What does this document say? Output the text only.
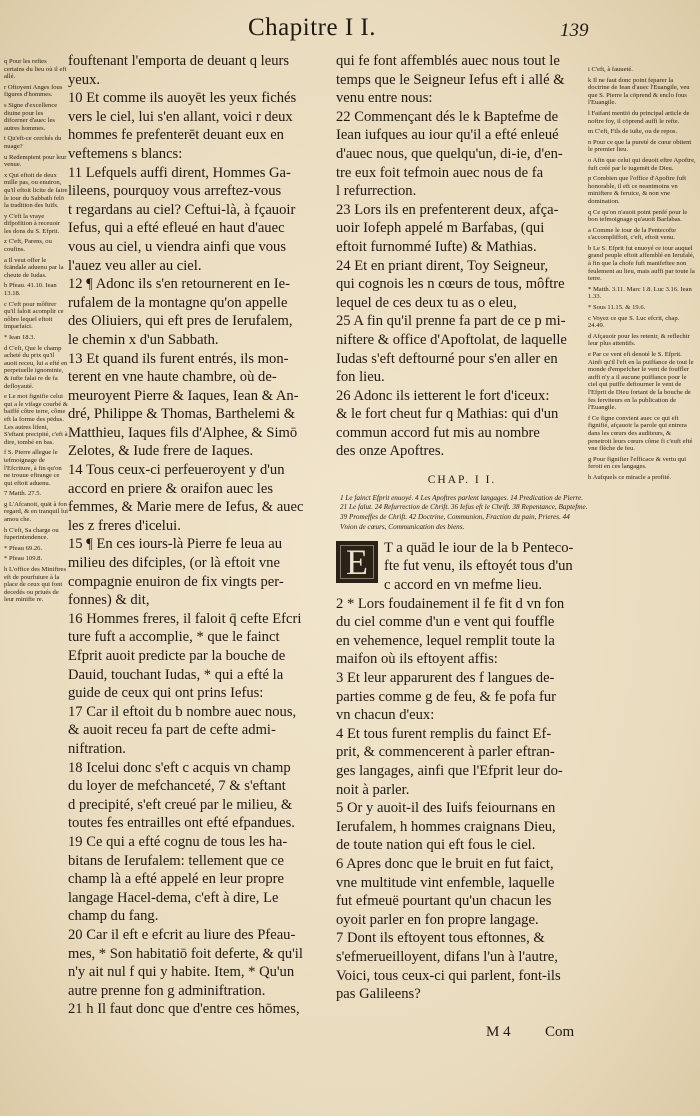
Chapitre I I.	139
q Pour les reftes certains du lieu où il eft allé.
r Oftoyent Anges fous figures d'hommes.
s Signe d'excellence diuine pour les difcerner d'auec les autres hommes.
t Qu'eft-ce cerchés du nuage?
u Redemptent pour leur venue.
x Qui eftoit de deux mille pas, ou enuiron, qu'il eftoit licite de faire le iour du Sabbath felō la tradition des Iuifs.
y C'eft la vraye difpofition à receuoir les dons du S. Efprit.
z C'eft, Parens, ou coufins.
a Il veut offer le fcāndale aduenu par la cheute de Iudas.
b Pfeau. 41.10. Iean 13.18.
c C'eft pour môftrer qu'il faloit acomplir ce nôbre lequel eftoit imparfaict.
* Iean 18.3.
d C'eft, Que le champ acheté du prix qu'il auoit receu, lui a efté en perpetuelle ignominie, & iufte falai re de fa defloyauté.
e Le mot fignifie celui qui a le vifage courbé & baiffé côtre terre, côme eft la forme des pēdus. Les autres lifent, S'eftant precipité, c'eft à dire, tombé en bas.
f S. Pierre allegue le tefmoignage de l'Efcriture, à fin qu'on ne trouue eftrange ce qui eftoit aduenu.
7 Matth. 27.5.
g L'Afcanoit, quāt à fon regard, & en tranquil lui amou che.
h C'eft, Sa charge ou fuperintendence.
* Pfeau 69.26.
* Pfeau 109.8.
h L'office des Miniftres eft de pourfuiure à la place de ceux qui font decedés ou priués de leur minifte re.
i C'eft, à fauueté.
k Il ne faut donc point feparer la doctrine de Iean d'auec l'Euangile, veu que S. Pierre la cōprend & enclo fous l'Euangile.
l Faifant mentiō du principal article de noftre foy, il cōprend auffi le refte.
m C'eft, Fils de iuſte, ou de repos.
n Pour ce que la pureté de cœur obtient le premier lieu.
o Afin que celui qui deuoit eftre Apoftre, fuft créé par le iugemēt de Dieu.
p Combien que l'office d'Apoftre fuft honorable, il eft ce neantmoins vn miniftere & feruice, & non vne domination.
q Ce qu'on n'auoit point penfé pour le bon tefmoignage qu'auoit Barfabas.
a Comme le iour de la Pentecofte s'accompliffoit, c'eft, eftoit venu.
b Le S. Efprit fut enuoyé ce iour auquel grand peuple eftoit affemblé en Ierufalé, à fin que la chofe fuft manifeftee non feulement au lieu, mais auffi par toute la terre.
* Matth. 3.11. Marc 1.8. Luc 3.16. Iean 1.33.
* Sous 11.15. & 19.6.
c Voyez ce que S. Luc efcrit, chap. 24.49.
d Afçauoir pour les retenir, & reflechir leur plus attentifs.
e Par ce vent eft denoté le S. Efprit. Ainfi qu'il l'eft en la puiffance de tout le monde d'empefcher le vent de fouffler auffi n'y a il aucune puiffance pour le ciel qui puiffe deftourner le vent de l'Efprit de Dieu fortant de la bouche de fes ferviteurs en la publication de l'Euangile.
f Ce figne convient auec ce qui eft fignifié, afçauoir la parole qui entrera dans les cœurs des auditeurs, & penetroit leurs cœurs côme fi c'euft efté vne flèche de feu.
g Pour fignifier l'efficace & vertu qui feroit en ces langages.
h Aufquels ce miracle a profité.
fouftenant l'emporta de deuant q leurs
yeux.
10 Et comme ils auoyēt les yeux fichés
vers le ciel, lui s'en allant, voici r deux
hommes fe prefenterēt deuant eux en
veftemens s blancs:
11 Lefquels auffi dirent, Hommes Ga-
lileens, pourquoy vous arreftez-vous
t regardans au ciel? Ceftui-là, à fçauoir
Iefus, qui a efté efleué en haut d'auec
vous au ciel, u viendra ainfi que vous
l'auez veu aller au ciel.
12 ¶ Adonc ils s'en retournerent en Ie-
rufalem de la montagne qu'on appelle
des Oliuiers, qui eft pres de Ierufalem,
le chemin x d'un Sabbath.
13 Et quand ils furent entrés, ils mon-
terent en vne haute chambre, où de-
meuroyent Pierre & Iaques, Iean & An-
dré, Philippe & Thomas, Barthelemi &
Matthieu, Iaques fils d'Alphee, & Simō
Zelotes, & Iude frere de Iaques.
14 Tous ceux-ci perfeueroyent y d'un
accord en priere & oraifon auec les
femmes, & Marie mere de Iefus, & auec
les z freres d'icelui.
15 ¶ En ces iours-là Pierre fe leua au
milieu des difciples, (or là eftoit vne
compagnie enuiron de fix vingts per-
fonnes) & dit,
16 Hommes freres, il faloit q̄ cefte Efcri
ture fuft a accomplie, * que le fainct
Efprit auoit predicte par la bouche de
Dauid, touchant Iudas, * qui a efté la
guide de ceux qui ont prins Iefus:
17 Car il eftoit du b nombre auec nous,
& auoit receu fa part de cefte admi-
niftration.
18 Icelui donc s'eft c acquis vn champ
du loyer de mefchanceté, 7 & s'eftant
d precipité, s'eft creué par le milieu, &
toutes fes entrailles ont efté efpandues.
19 Ce qui a efté cognu de tous les ha-
bitans de Ierufalem: tellement que ce
champ là a efté appelé en leur propre
langage Hacel-dema, c'eft à dire, Le
champ du fang.
20 Car il eft e efcrit au liure des Pfeau-
mes, * Son habitatiō foit deferte, & qu'il
n'y ait nul f qui y habite. Item, * Qu'un
autre prenne fon g adminiftration.
21 h Il faut donc que d'entre ces hōmes,
qui fe font affemblés auec nous tout le
temps que le Seigneur Iefus eft i allé &
venu entre nous:
22 Commençant dés le k Baptefme de
Iean iufques au iour qu'il a efté enleué
d'auec nous, que quelqu'un, di-ie, d'en-
tre eux foit tefmoin auec nous de fa
l refurrection.
23 Lors ils en prefenterent deux, afça-
uoir Iofeph appelé m Barfabas, (qui
eftoit furnommé Iufte) & Mathias.
24 Et en priant dirent, Toy Seigneur,
qui cognois les n cœurs de tous, môftre
lequel de ces deux tu as o eleu,
25 A fin qu'il prenne fa part de ce p mi-
niftere & office d'Apoftolat, de laquelle
Iudas s'eft deftourné pour s'en aller en
fon lieu.
26 Adonc ils ietterent le fort d'iceux:
& le fort cheut fur q Mathias: qui d'un
commun accord fut mis au nombre
des onze Apoftres.
CHAP. I I.
1 Le fainct Efprit enuoyé. 4 Les Apoftres parlent langages. 14 Predication de Pierre. 21 Le falut. 24 Refurrection de Chrift. 36 Iefus eft le Chrift. 38 Repentance, Baptefme. 39 Promeffes de Chrift. 42 Doctrine, Communion, Fraction du pain, Prieres. 44 Vnion de cœurs, Communication des biens.
E	T a quād le iour de la b Penteco-
fte fut venu, ils eftoyét tous d'un
c accord en vn mefme lieu.
2 * Lors foudainement il fe fit d vn fon
du ciel comme d'un e vent qui fouffle
en vehemence, lequel remplit toute la
maifon où ils eftoyent affis:
3 Et leur apparurent des f langues de-
parties comme g de feu, & fe pofa fur
vn chacun d'eux:
4 Et tous furent remplis du fainct Ef-
prit, & commencerent à parler eftran-
ges langages, ainfi que l'Efprit leur do-
noit à parler.
5 Or y auoit-il des Iuifs feiournans en
Ierufalem, h hommes craignans Dieu,
de toute nation qui eft fous le ciel.
6 Apres donc que le bruit en fut faict,
vne multitude vint enfemble, laquelle
fut efmeuë pourtant qu'un chacun les
oyoit parler en fon propre langage.
7 Dont ils eftoyent tous eftonnes, &
s'efmerueilloyent, difans l'un à l'autre,
Voici, tous ceux-ci qui parlent, font-ils
pas Galileens?
M 4 Com
